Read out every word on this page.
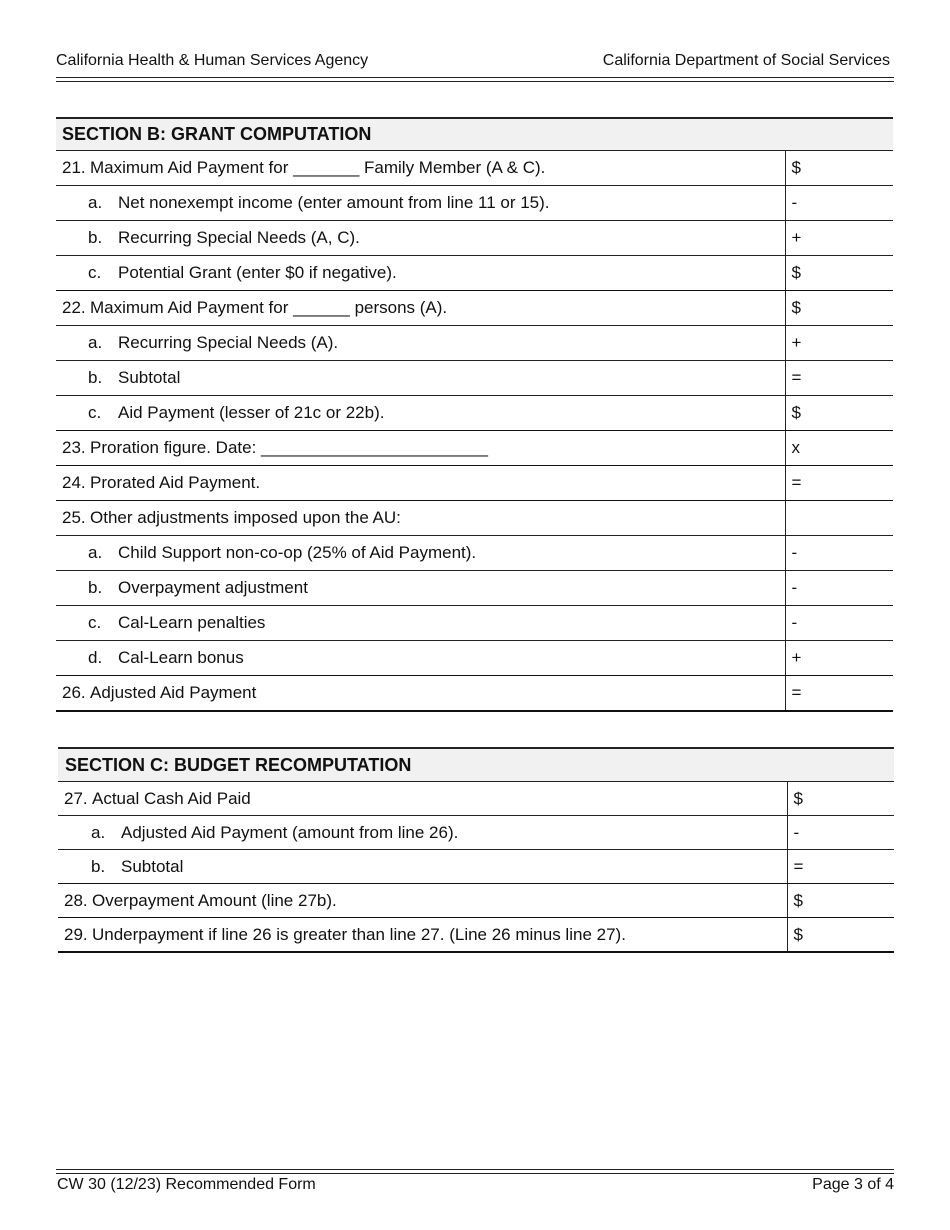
California Health & Human Services Agency	California Department of Social Services
SECTION B: GRANT COMPUTATION	

21. Maximum Aid Payment for _______ Family Member (A & C).	$

a. Net nonexempt income (enter amount from line 11 or 15).	-

b. Recurring Special Needs (A, C).	+

c. Potential Grant (enter $0 if negative).	$

22. Maximum Aid Payment for ______ persons (A).	$

a. Recurring Special Needs (A).	+

b. Subtotal	=

c. Aid Payment (lesser of 21c or 22b).	$

23. Proration figure. Date: ________________________	x

24. Prorated Aid Payment.	=

25. Other adjustments imposed upon the AU:	

a. Child Support non-co-op (25% of Aid Payment).	-

b. Overpayment adjustment	-

c. Cal-Learn penalties	-

d. Cal-Learn bonus	+

26. Adjusted Aid Payment	=
SECTION C: BUDGET RECOMPUTATION	

27. Actual Cash Aid Paid	$

a. Adjusted Aid Payment (amount from line 26).	-

b. Subtotal	=

28. Overpayment Amount (line 27b).	$

29. Underpayment if line 26 is greater than line 27. (Line 26 minus line 27).	$
CW 30 (12/23) Recommended Form	Page 3 of 4
